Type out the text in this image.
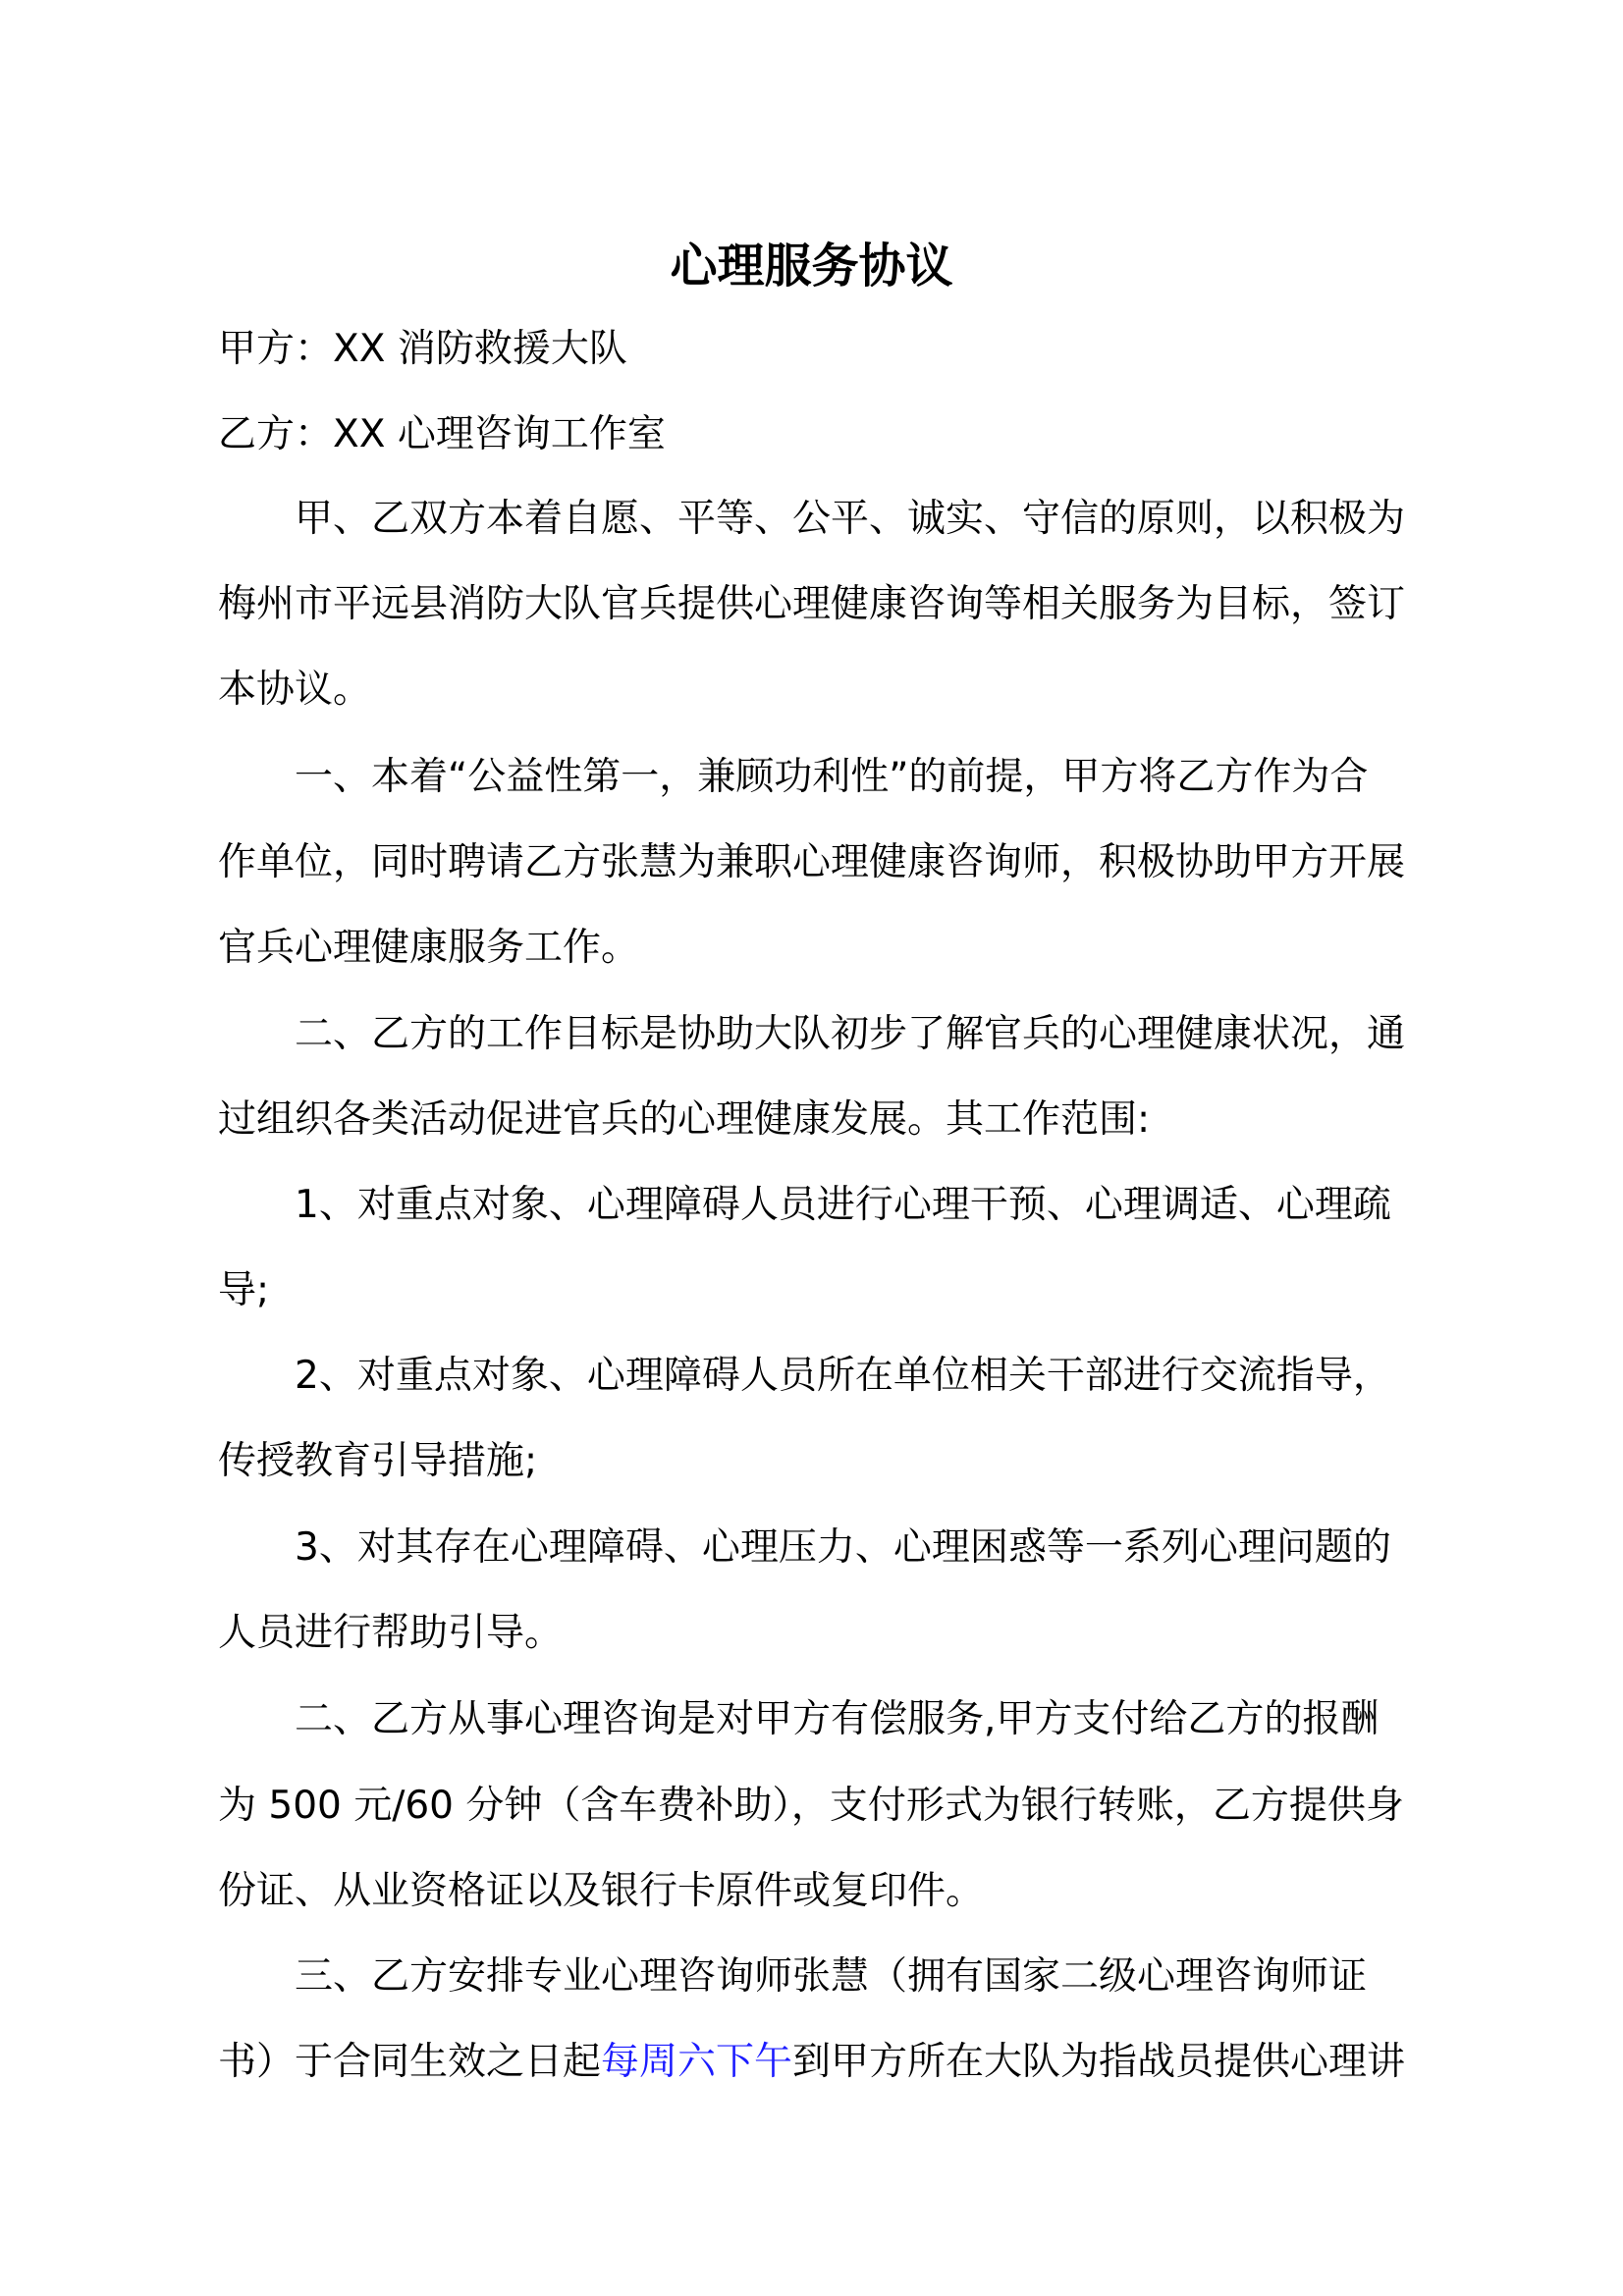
心理服务协议
甲方：XX 消防救援大队
乙方：XX 心理咨询工作室
甲、乙双方本着自愿、平等、公平、诚实、守信的原则，以积极为
梅州市平远县消防大队官兵提供心理健康咨询等相关服务为目标，签订
本协议。
一、本着“公益性第一，兼顾功利性”的前提，甲方将乙方作为合
作单位，同时聘请乙方张慧为兼职心理健康咨询师，积极协助甲方开展
官兵心理健康服务工作。
二、乙方的工作目标是协助大队初步了解官兵的心理健康状况，通
过组织各类活动促进官兵的心理健康发展。其工作范围:
1、对重点对象、心理障碍人员进行心理干预、心理调适、心理疏
导;
2、对重点对象、心理障碍人员所在单位相关干部进行交流指导，
传授教育引导措施;
3、对其存在心理障碍、心理压力、心理困惑等一系列心理问题的
人员进行帮助引导。
二、乙方从事心理咨询是对甲方有偿服务,甲方支付给乙方的报酬
为 500 元/60 分钟（含车费补助），支付形式为银行转账，乙方提供身
份证、从业资格证以及银行卡原件或复印件。
三、乙方安排专业心理咨询师张慧（拥有国家二级心理咨询师证
书）于合同生效之日起每周六下午到甲方所在大队为指战员提供心理讲
